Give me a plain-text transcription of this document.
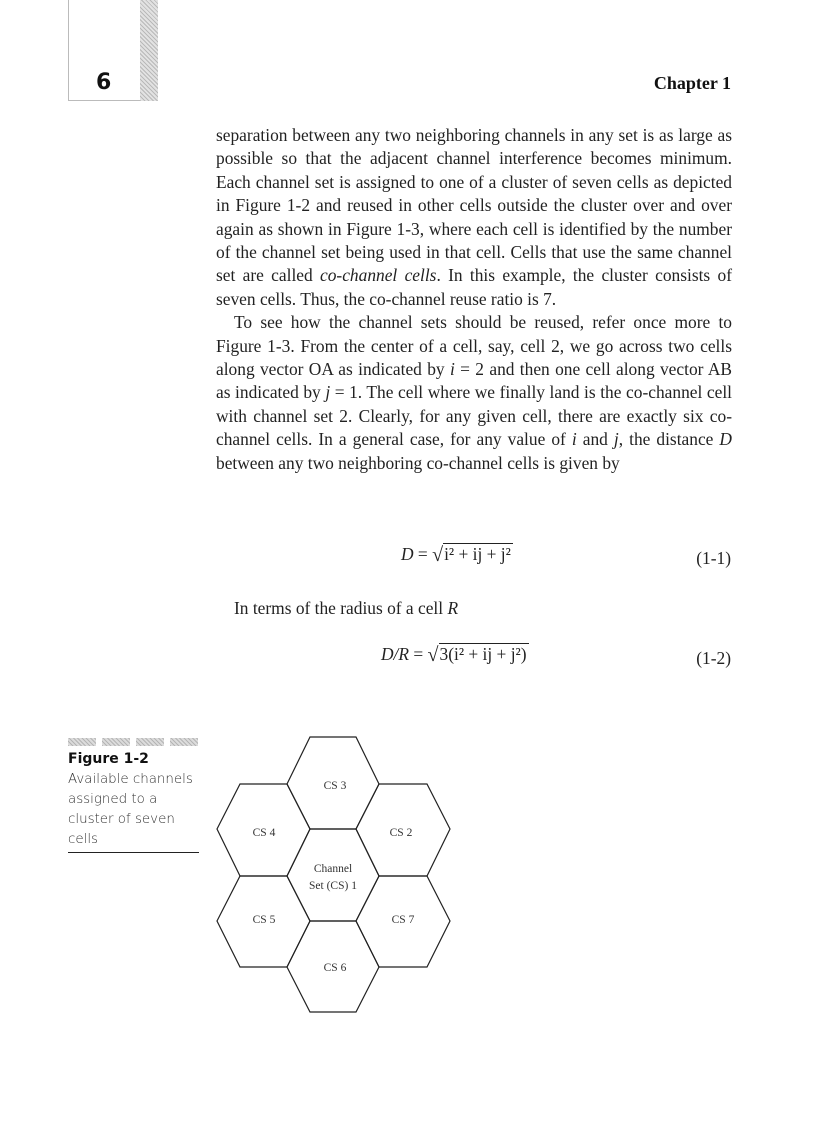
6	Chapter 1

separation between any two neighboring channels in any set is as large as possible so that the adjacent channel interference becomes minimum. Each channel set is assigned to one of a cluster of seven cells as depicted in Figure 1-2 and reused in other cells outside the cluster over and over again as shown in Figure 1-3, where each cell is identified by the number of the channel set being used in that cell. Cells that use the same channel set are called co-channel cells. In this example, the cluster consists of seven cells. Thus, the co-channel reuse ratio is 7.

To see how the channel sets should be reused, refer once more to Figure 1-3. From the center of a cell, say, cell 2, we go across two cells along vector OA as indicated by i = 2 and then one cell along vector AB as indicated by j = 1. The cell where we finally land is the co-channel cell with channel set 2. Clearly, for any given cell, there are exactly six co-channel cells. In a general case, for any value of i and j, the distance D between any two neighboring co-channel cells is given by

D = √i² + ij + j²	(1-1)
In terms of the radius of a cell R
D/R = √3(i² + ij + j²)	(1-2)
Figure 1-2
Available channels assigned to a cluster of seven cells
Channel
Set (CS) 1
CS 2
CS 3
CS 4
CS 5
CS 6
CS 7
